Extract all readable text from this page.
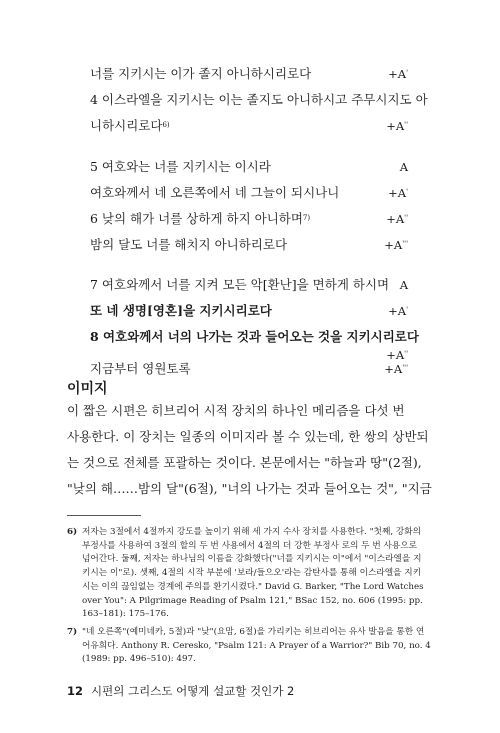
너를 지키시는 이가 졸지 아니하시리로다	+A'
4 이스라엘을 지키시는 이는 졸지도 아니하시고 주무시지도 아
니하시리로다$^{6)}$	+A''
5 여호와는 너를 지키시는 이시라	A
여호와께서 네 오른쪽에서 네 그늘이 되시나니	+A'
6 낮의 해가 너를 상하게 하지 아니하며$^{7)}$	+A''
밤의 달도 너를 해치지 아니하리로다	+A'''
7 여호와께서 너를 지켜 모든 악[환난]을 면하게 하시며 A
또 네 생명[영혼]을 지키시리로다	+A'
8 여호와께서 너의 나가는 것과 들어오는 것을 지키시리로다
+A''
지금부터 영원토록	+A'''
이미지
이 짧은 시편은 히브리어 시적 장치의 하나인 메리즘을 다섯 번
사용한다. 이 장치는 일종의 이미지라 볼 수 있는데, 한 쌍의 상반되
는 것으로 전체를 포괄하는 것이다. 본문에서는 "하늘과 땅"(2절),
"낮의 해……밤의 달"(6절), "너의 나가는 것과 들어오는 것", "지금
6) 저자는 3절에서 4절까지 강도를 높이기 위해 세 가지 수사 장치를 사용한다. "첫째, 강화의
부정사를 사용하여 3절의 할의 두 번 사용에서 4절의 더 강한 부정사 로의 두 번 사용으로
넘어간다. 둘째, 저자는 하나님의 이름을 강화했다("너를 지키시는 이"에서 "이스라엘을 지
키시는 이"로). 셋째, 4절의 시작 부분에 '보라/들으오'라는 감탄사를 통해 이스라엘을 지키
시는 이의 끊임없는 경계에 주의를 환기시켰다." David G. Barker, "The Lord Watches
over You": A Pilgrimage Reading of Psalm 121," BSac 152, no. 606 (1995: pp.
163–181): 175–176.
7) "네 오른쪽"(예미네카, 5절)과 "낮"(요맘, 6절)을 가리키는 히브리어는 유사 발음을 통한 연
어유희다. Anthony R. Ceresko, "Psalm 121: A Prayer of a Warrior?" Bib 70, no. 4
(1989: pp. 496–510): 497.
12 시편의 그리스도 어떻게 설교할 것인가 2
